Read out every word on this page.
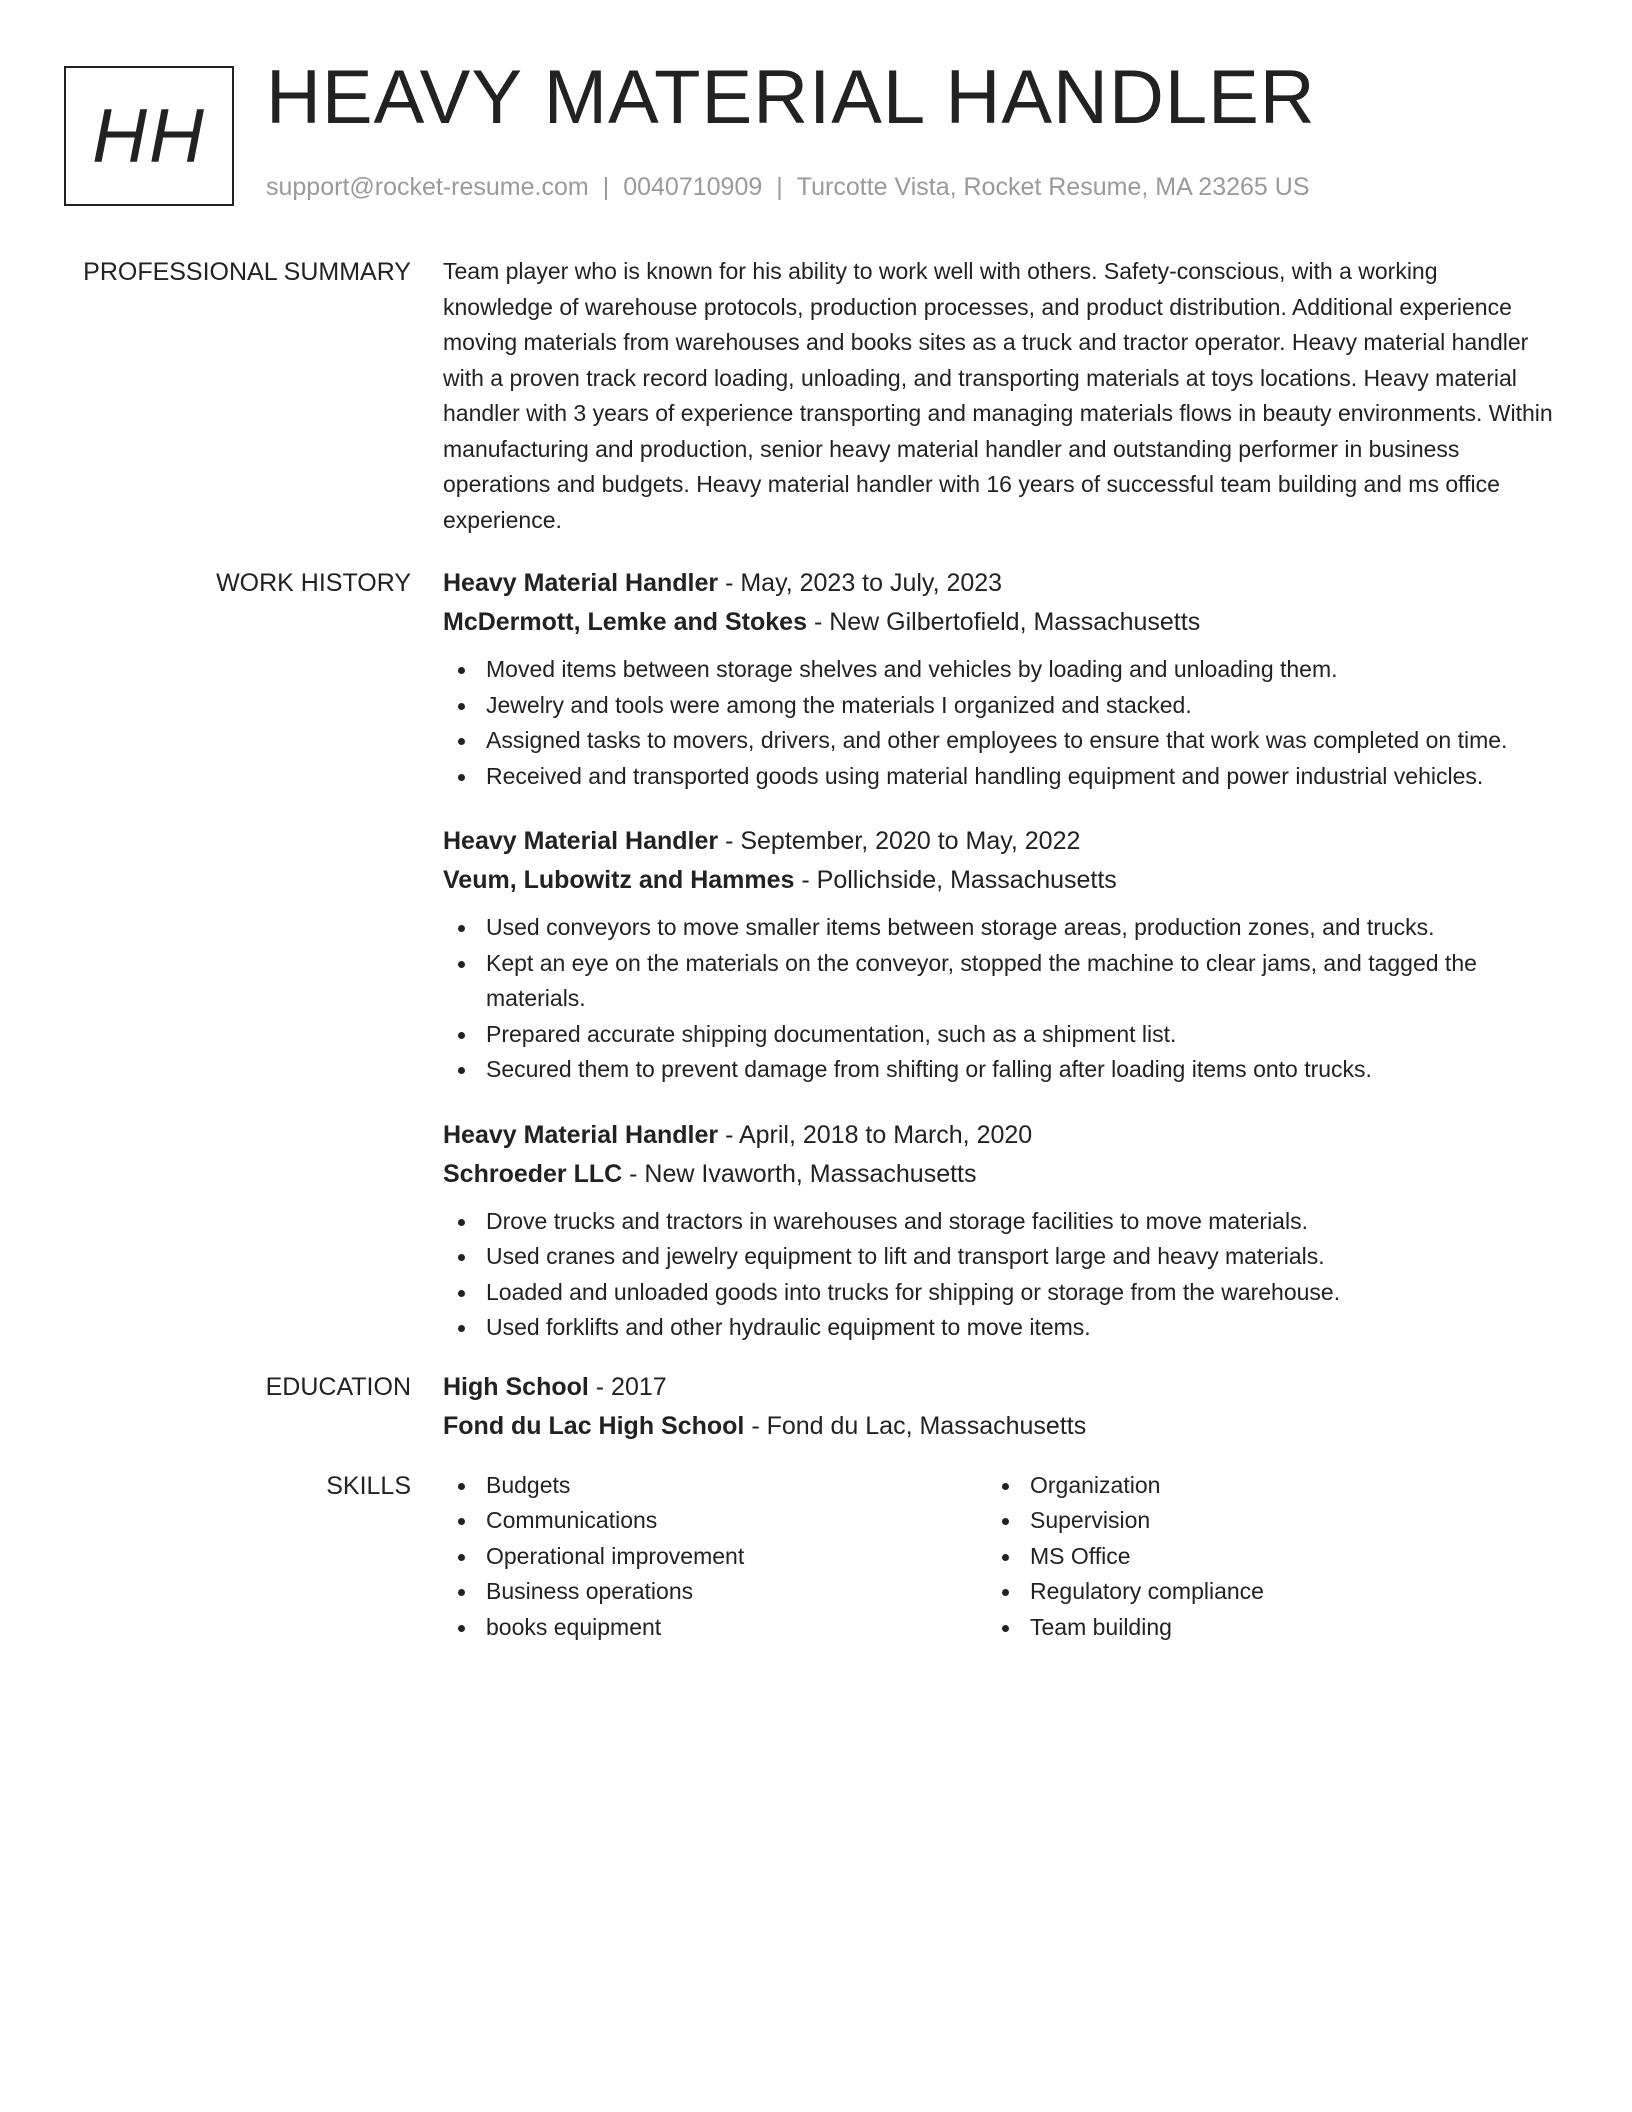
HH HEAVY MATERIAL HANDLER
support@rocket-resume.com | 0040710909 | Turcotte Vista, Rocket Resume, MA 23265 US
PROFESSIONAL SUMMARY Team player who is known for his ability to work well with others. Safety-conscious, with a working knowledge of warehouse protocols, production processes, and product distribution. Additional experience moving materials from warehouses and books sites as a truck and tractor operator. Heavy material handler with a proven track record loading, unloading, and transporting materials at toys locations. Heavy material handler with 3 years of experience transporting and managing materials flows in beauty environments. Within manufacturing and production, senior heavy material handler and outstanding performer in business operations and budgets. Heavy material handler with 16 years of successful team building and ms office experience.

WORK HISTORY Heavy Material Handler - May, 2023 to July, 2023
McDermott, Lemke and Stokes - New Gilbertofield, Massachusetts
Moved items between storage shelves and vehicles by loading and unloading them.
Jewelry and tools were among the materials I organized and stacked.
Assigned tasks to movers, drivers, and other employees to ensure that work was completed on time.
Received and transported goods using material handling equipment and power industrial vehicles.
Heavy Material Handler - September, 2020 to May, 2022
Veum, Lubowitz and Hammes - Pollichside, Massachusetts
Used conveyors to move smaller items between storage areas, production zones, and trucks.
Kept an eye on the materials on the conveyor, stopped the machine to clear jams, and tagged the materials.
Prepared accurate shipping documentation, such as a shipment list.
Secured them to prevent damage from shifting or falling after loading items onto trucks.
Heavy Material Handler - April, 2018 to March, 2020
Schroeder LLC - New Ivaworth, Massachusetts
Drove trucks and tractors in warehouses and storage facilities to move materials.
Used cranes and jewelry equipment to lift and transport large and heavy materials.
Loaded and unloaded goods into trucks for shipping or storage from the warehouse.
Used forklifts and other hydraulic equipment to move items.
EDUCATION High School - 2017
Fond du Lac High School - Fond du Lac, Massachusetts
SKILLS	Budgets
Communications
Operational improvement
Business operations
books equipment
Organization
Supervision
MS Office
Regulatory compliance
Team building
